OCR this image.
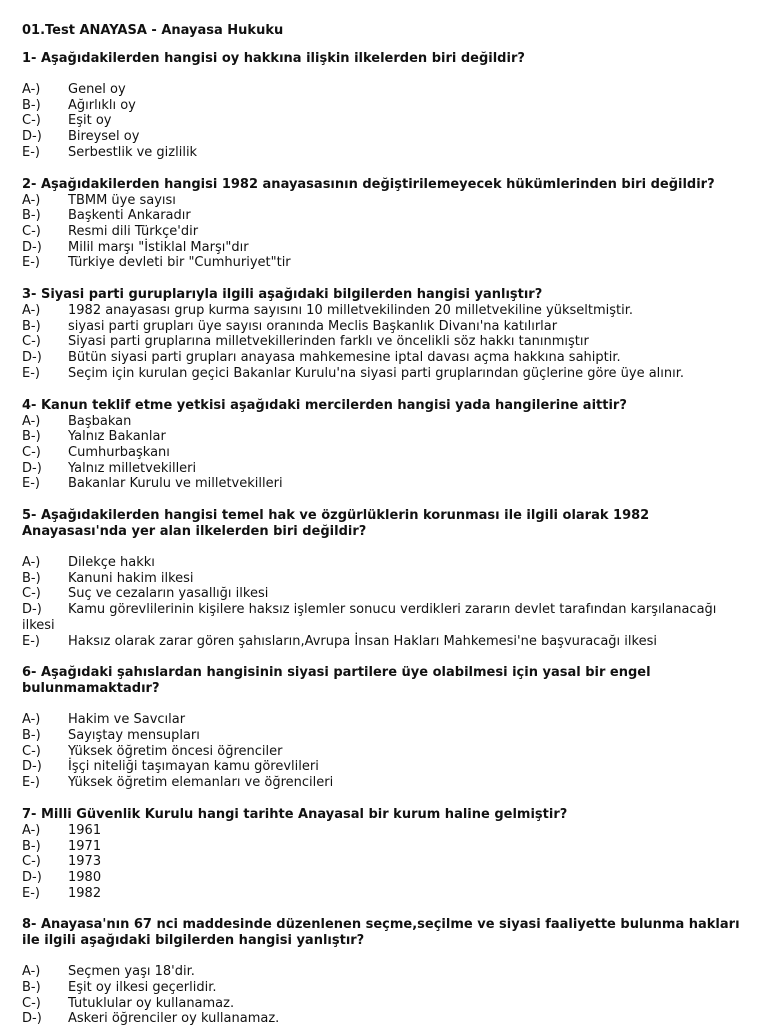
01.Test ANAYASA - Anayasa Hukuku
1- Aşağıdakilerden hangisi oy hakkına ilişkin ilkelerden biri değildir?
A-) Genel oy
B-) Ağırlıklı oy
C-) Eşit oy
D-) Bireysel oy
E-) Serbestlik ve gizlilik
2- Aşağıdakilerden hangisi 1982 anayasasının değiştirilemeyecek hükümlerinden biri değildir?
A-) TBMM üye sayısı
B-) Başkenti Ankaradır
C-) Resmi dili Türkçe'dir
D-) Milil marşı "İstiklal Marşı"dır
E-) Türkiye devleti bir "Cumhuriyet"tir
3- Siyasi parti guruplarıyla ilgili aşağıdaki bilgilerden hangisi yanlıştır?
A-) 1982 anayasası grup kurma sayısını 10 milletvekilinden 20 milletvekiline yükseltmiştir.
B-) siyasi parti grupları üye sayısı oranında Meclis Başkanlık Divanı'na katılırlar
C-) Siyasi parti gruplarına milletvekillerinden farklı ve öncelikli söz hakkı tanınmıştır
D-) Bütün siyasi parti grupları anayasa mahkemesine iptal davası açma hakkına sahiptir.
E-) Seçim için kurulan geçici Bakanlar Kurulu'na siyasi parti gruplarından güçlerine göre üye alınır.
4- Kanun teklif etme yetkisi aşağıdaki mercilerden hangisi yada hangilerine aittir?
A-) Başbakan
B-) Yalnız Bakanlar
C-) Cumhurbaşkanı
D-) Yalnız milletvekilleri
E-) Bakanlar Kurulu ve milletvekilleri
5- Aşağıdakilerden hangisi temel hak ve özgürlüklerin korunması ile ilgili olarak 1982 Anayasası'nda yer alan ilkelerden biri değildir?
A-) Dilekçe hakkı
B-) Kanuni hakim ilkesi
C-) Suç ve cezaların yasallığı ilkesi
D-) Kamu görevlilerinin kişilere haksız işlemler sonucu verdikleri zararın devlet tarafından karşılanacağı ilkesi
E-) Haksız olarak zarar gören şahısların,Avrupa İnsan Hakları Mahkemesi'ne başvuracağı ilkesi
6- Aşağıdaki şahıslardan hangisinin siyasi partilere üye olabilmesi için yasal bir engel bulunmamaktadır?
A-) Hakim ve Savcılar
B-) Sayıştay mensupları
C-) Yüksek öğretim öncesi öğrenciler
D-) İşçi niteliği taşımayan kamu görevlileri
E-) Yüksek öğretim elemanları ve öğrencileri
7- Milli Güvenlik Kurulu hangi tarihte Anayasal bir kurum haline gelmiştir?
A-) 1961
B-) 1971
C-) 1973
D-) 1980
E-) 1982
8- Anayasa'nın 67 nci maddesinde düzenlenen seçme,seçilme ve siyasi faaliyette bulunma hakları ile ilgili aşağıdaki bilgilerden hangisi yanlıştır?
A-) Seçmen yaşı 18'dir.
B-) Eşit oy ilkesi geçerlidir.
C-) Tutuklular oy kullanamaz.
D-) Askeri öğrenciler oy kullanamaz.
